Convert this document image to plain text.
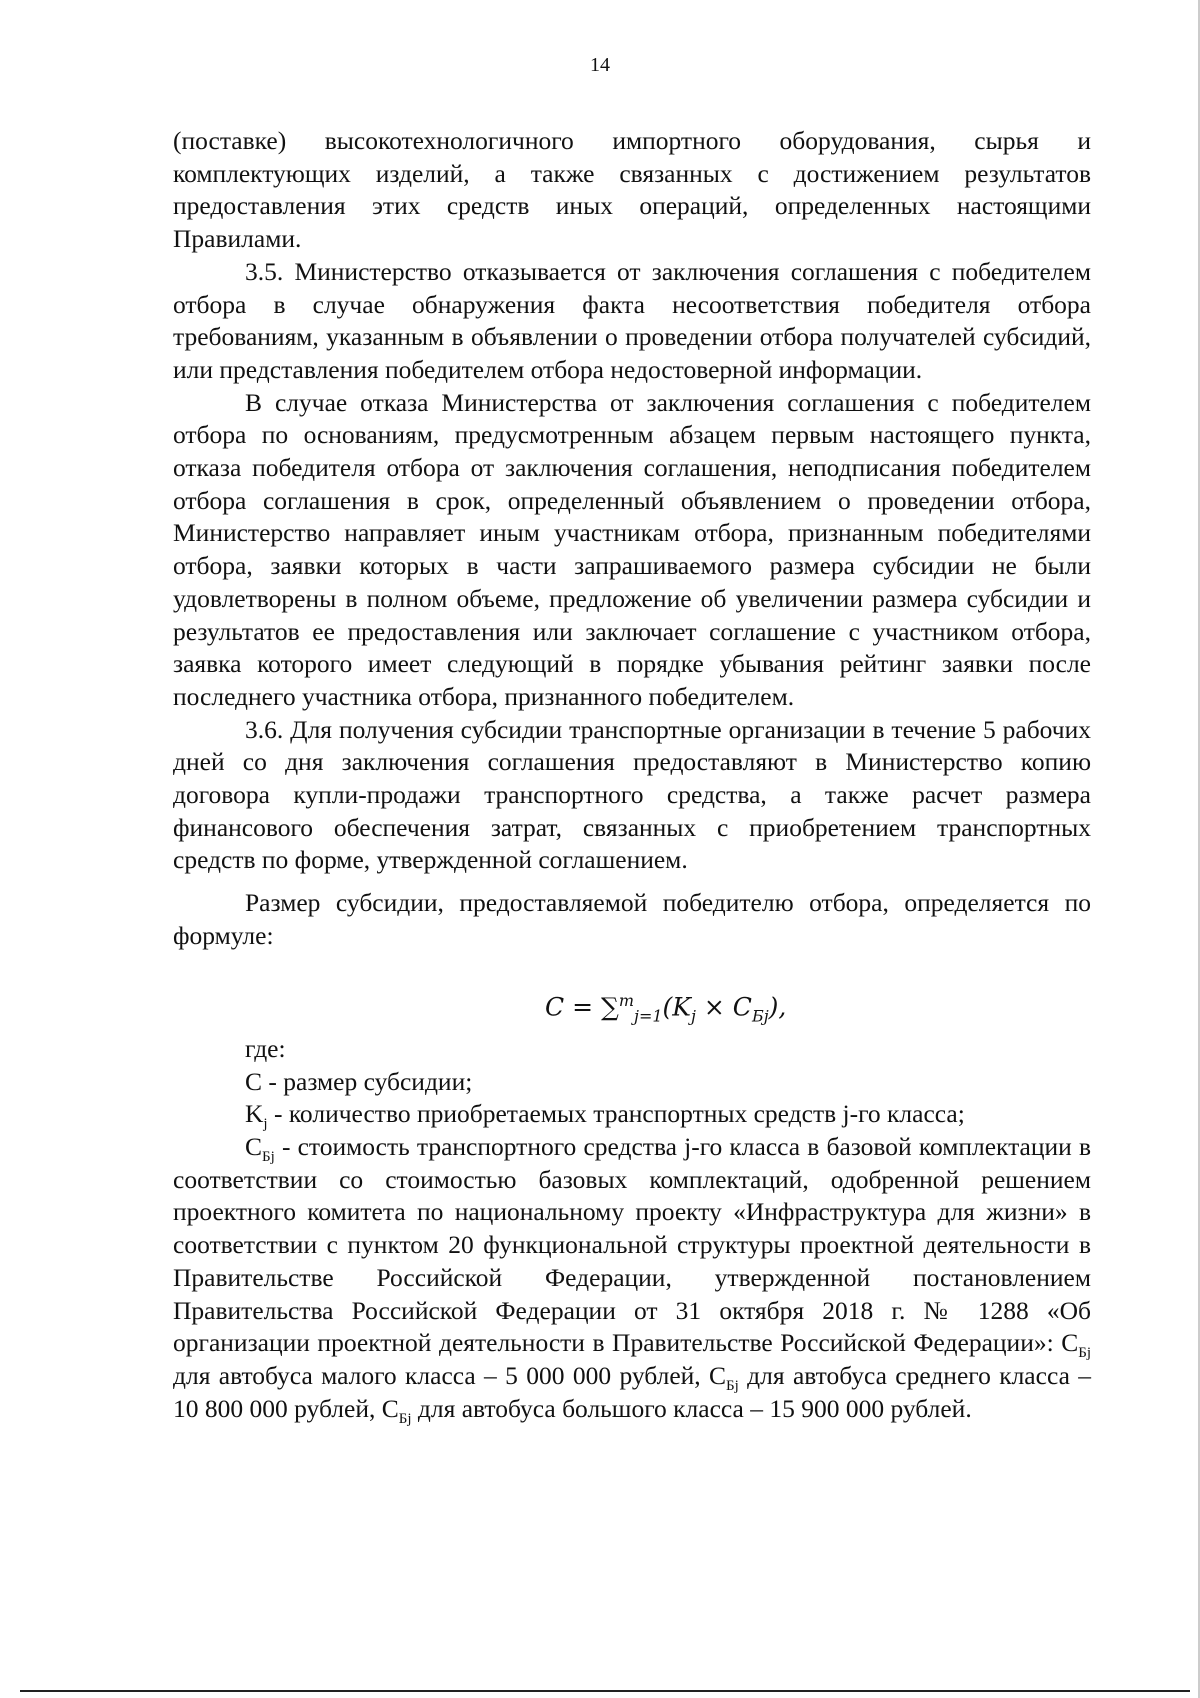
14

(поставке) высокотехнологичного импортного оборудования, сырья и комплектующих изделий, а также связанных с достижением результатов предоставления этих средств иных операций, определенных настоящими Правилами.

3.5. Министерство отказывается от заключения соглашения с победителем отбора в случае обнаружения факта несоответствия победителя отбора требованиям, указанным в объявлении о проведении отбора получателей субсидий, или представления победителем отбора недостоверной информации.

В случае отказа Министерства от заключения соглашения с победителем отбора по основаниям, предусмотренным абзацем первым настоящего пункта, отказа победителя отбора от заключения соглашения, неподписания победителем отбора соглашения в срок, определенный объявлением о проведении отбора, Министерство направляет иным участникам отбора, признанным победителями отбора, заявки которых в части запрашиваемого размера субсидии не были удовлетворены в полном объеме, предложение об увеличении размера субсидии и результатов ее предоставления или заключает соглашение с участником отбора, заявка которого имеет следующий в порядке убывания рейтинг заявки после последнего участника отбора, признанного победителем.

3.6. Для получения субсидии транспортные организации в течение 5 рабочих дней со дня заключения соглашения предоставляют в Министерство копию договора купли-продажи транспортного средства, а также расчет размера финансового обеспечения затрат, связанных с приобретением транспортных средств по форме, утвержденной соглашением.

Размер субсидии, предоставляемой победителю отбора, определяется по формуле:

$C = \sum^m_{j=1}(K_j \times C_{Бj})$,

где:

С - размер субсидии;

$K_j$ - количество приобретаемых транспортных средств j-го класса;

$C_{Бj}$ - стоимость транспортного средства j-го класса в базовой комплектации в соответствии со стоимостью базовых комплектаций, одобренной решением проектного комитета по национальному проекту «Инфраструктура для жизни» в соответствии с пунктом 20 функциональной структуры проектной деятельности в Правительстве Российской Федерации, утвержденной постановлением Правительства Российской Федерации от 31 октября 2018 г. № 1288 «Об организации проектной деятельности в Правительстве Российской Федерации»: $C_{Бj}$ для автобуса малого класса – 5 000 000 рублей, $C_{Бj}$ для автобуса среднего класса – 10 800 000 рублей, $C_{Бj}$ для автобуса большого класса – 15 900 000 рублей.
